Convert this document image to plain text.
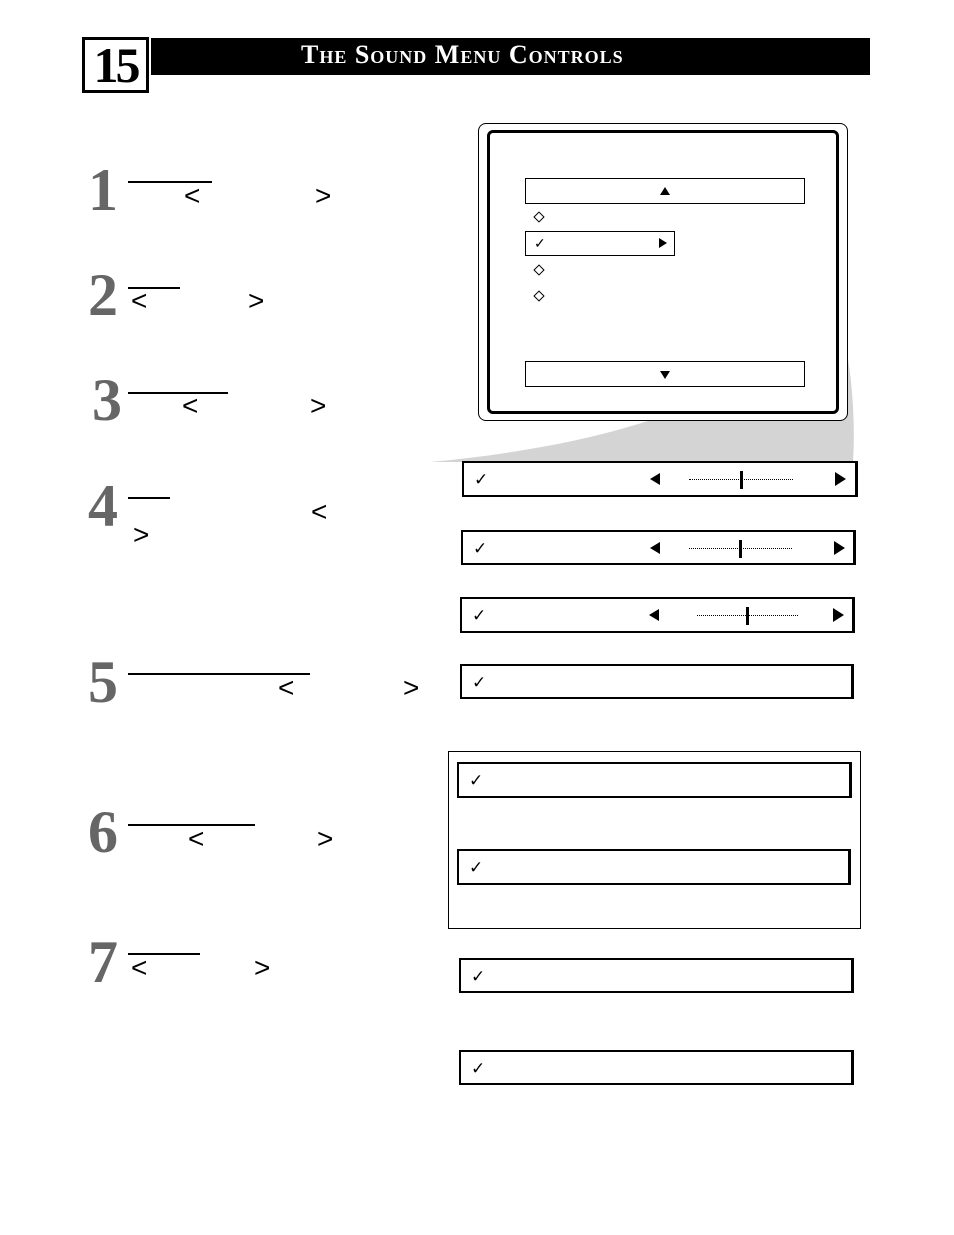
15	The Sound Menu Controls
1 <	>
2 <	>
3 <	>
4	<
>
5	<	>
6	<	>
7 <	>
✓
✓
✓
✓
✓
✓
✓
✓
✓
